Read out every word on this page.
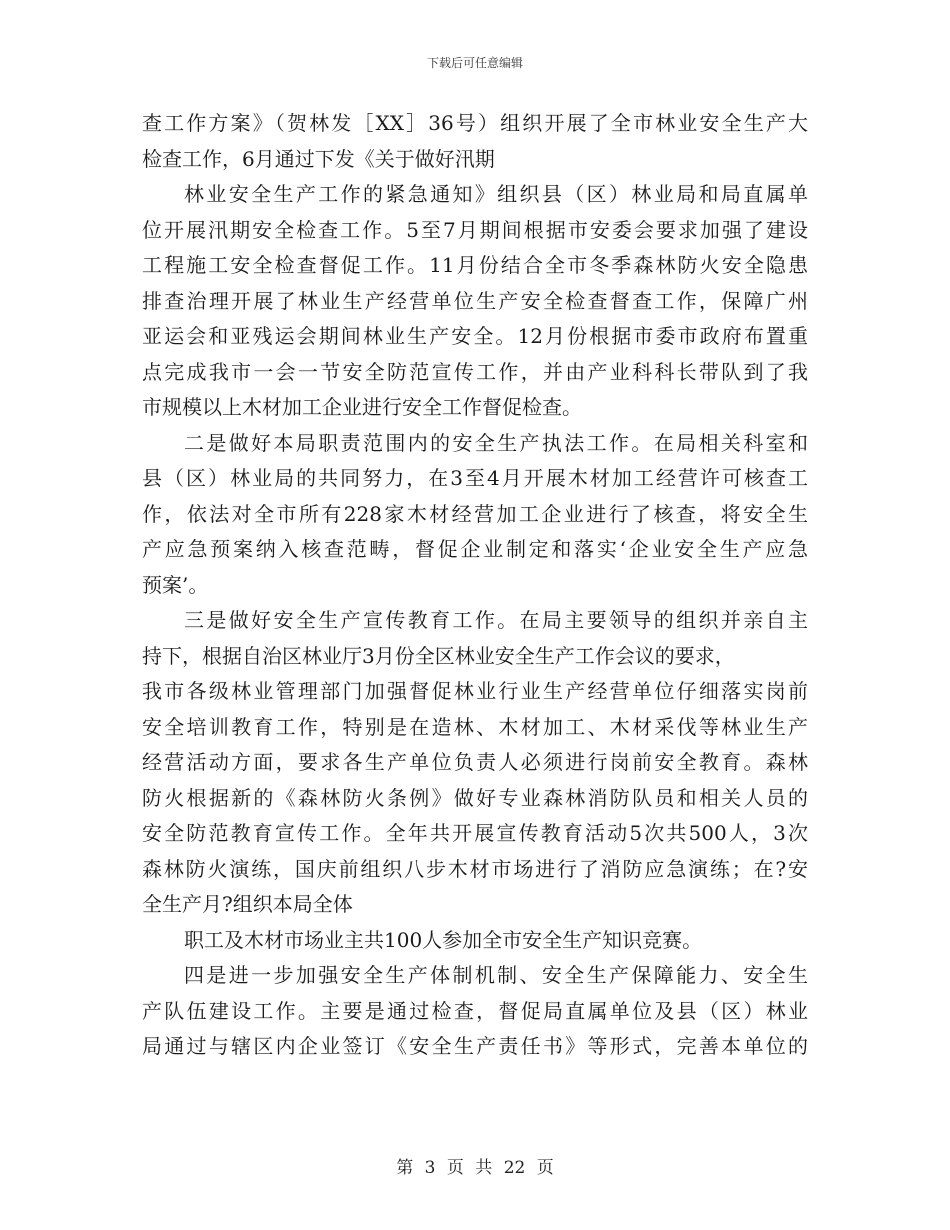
下载后可任意编辑
查工作方案》（贺林发［XX］36号）组织开展了全市林业安全生产大
检查工作，6月通过下发《关于做好汛期
林业安全生产工作的紧急通知》组织县（区）林业局和局直属单
位开展汛期安全检查工作。5至7月期间根据市安委会要求加强了建设
工程施工安全检查督促工作。11月份结合全市冬季森林防火安全隐患
排查治理开展了林业生产经营单位生产安全检查督查工作，保障广州
亚运会和亚残运会期间林业生产安全。12月份根据市委市政府布置重
点完成我市一会一节安全防范宣传工作，并由产业科科长带队到了我
市规模以上木材加工企业进行安全工作督促检查。
二是做好本局职责范围内的安全生产执法工作。在局相关科室和
县（区）林业局的共同努力，在3至4月开展木材加工经营许可核查工
作，依法对全市所有228家木材经营加工企业进行了核查，将安全生
产应急预案纳入核查范畴，督促企业制定和落实‘企业安全生产应急
预案’。
三是做好安全生产宣传教育工作。在局主要领导的组织并亲自主
持下，根据自治区林业厅3月份全区林业安全生产工作会议的要求，
我市各级林业管理部门加强督促林业行业生产经营单位仔细落实岗前
安全培训教育工作，特别是在造林、木材加工、木材采伐等林业生产
经营活动方面，要求各生产单位负责人必须进行岗前安全教育。森林
防火根据新的《森林防火条例》做好专业森林消防队员和相关人员的
安全防范教育宣传工作。全年共开展宣传教育活动5次共500人，3次
森林防火演练，国庆前组织八步木材市场进行了消防应急演练；在?安
全生产月?组织本局全体
职工及木材市场业主共100人参加全市安全生产知识竞赛。
四是进一步加强安全生产体制机制、安全生产保障能力、安全生
产队伍建设工作。主要是通过检查，督促局直属单位及县（区）林业
局通过与辖区内企业签订《安全生产责任书》等形式，完善本单位的
第 3 页 共 22 页
